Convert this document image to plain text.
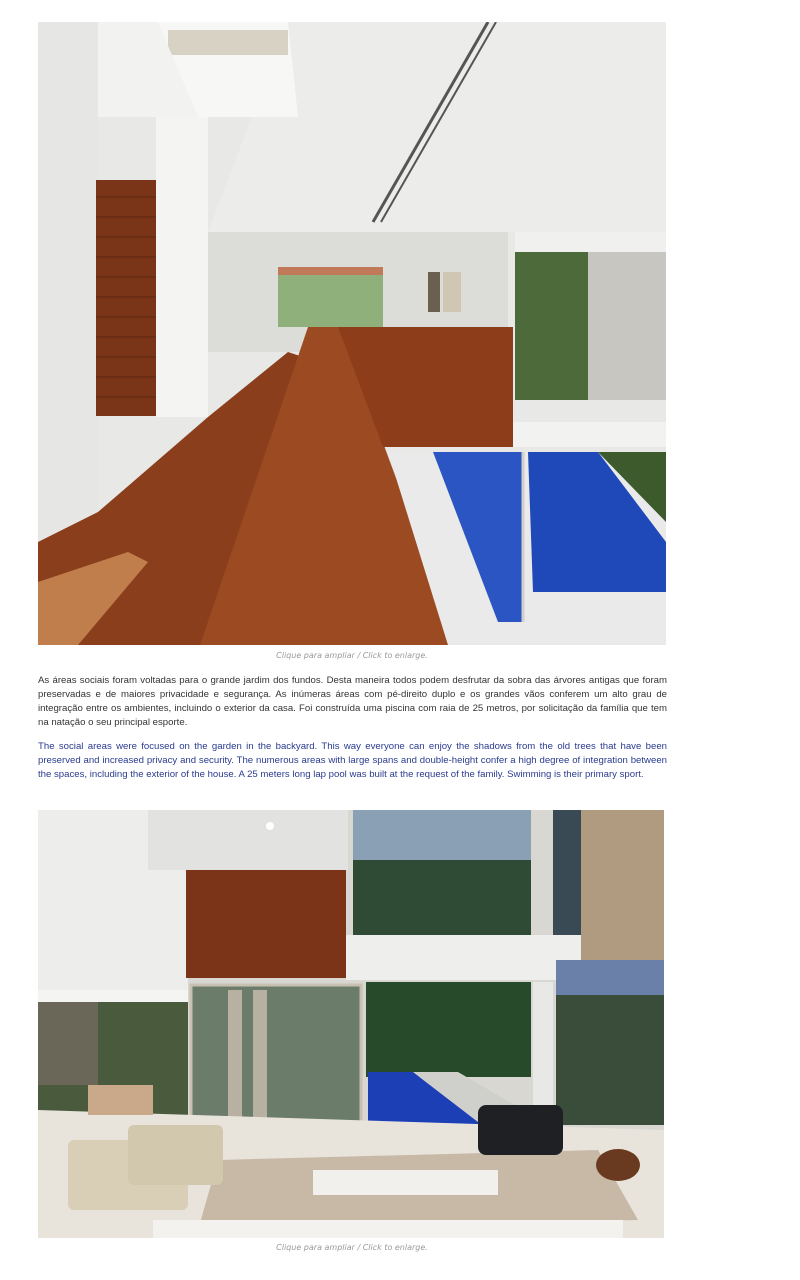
Clique para ampliar / Click to enlarge.

As áreas sociais foram voltadas para o grande jardim dos fundos. Desta maneira todos podem desfrutar da sobra das árvores antigas que foram preservadas e de maiores privacidade e segurança. As inúmeras áreas com pé-direito duplo e os grandes vãos conferem um alto grau de integração entre os ambientes, incluindo o exterior da casa. Foi construída uma piscina com raia de 25 metros, por solicitação da família que tem na natação o seu principal esporte.

The social areas were focused on the garden in the backyard. This way everyone can enjoy the shadows from the old trees that have been preserved and increased privacy and security. The numerous areas with large spans and double-height confer a high degree of integration between the spaces, including the exterior of the house. A 25 meters long lap pool was built at the request of the family. Swimming is their primary sport.

Clique para ampliar / Click to enlarge.
